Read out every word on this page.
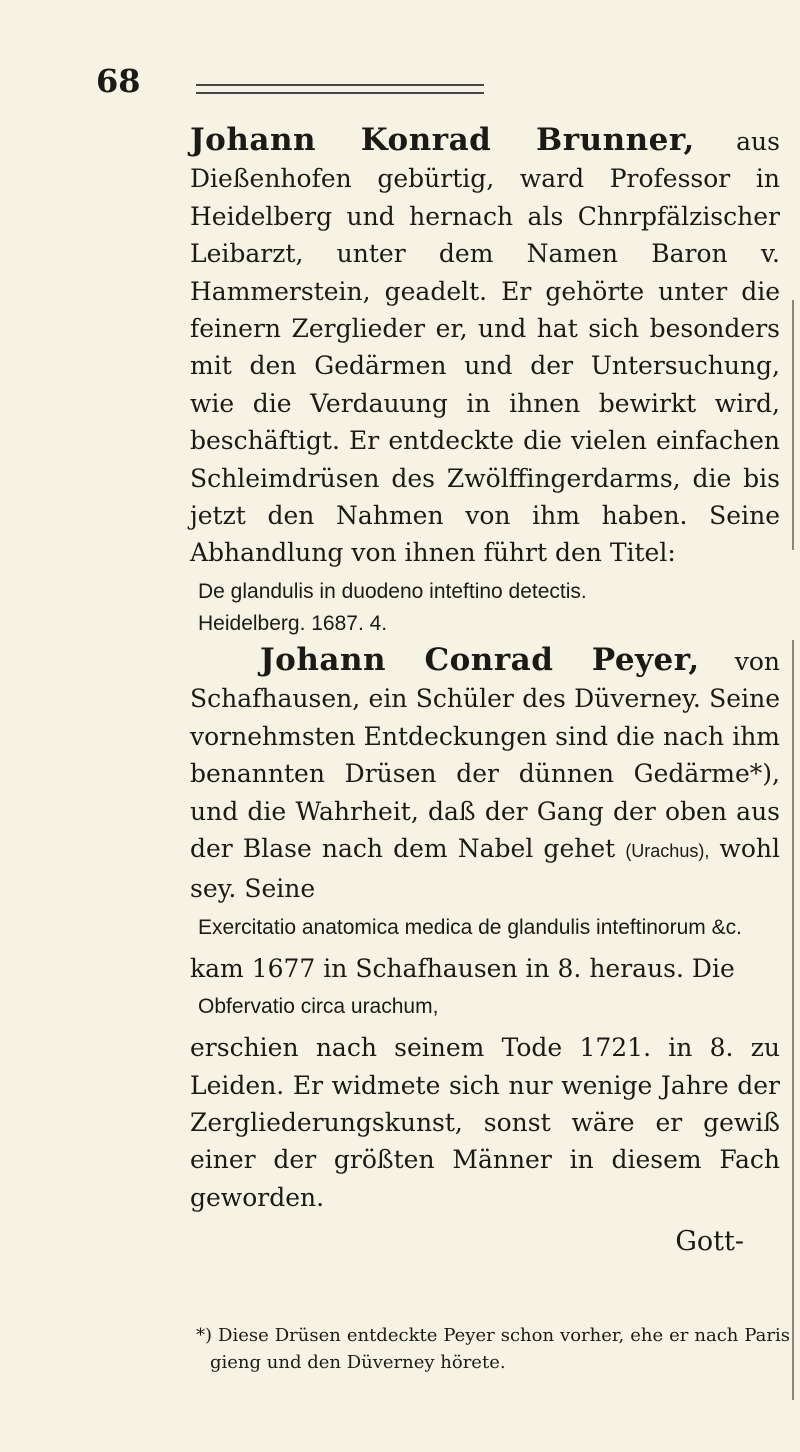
68

Johann Konrad Brunner, aus Dießenhofen gebürtig, ward Professor in Heidelberg und hernach als Chnrpfälzischer Leibarzt, unter dem Namen Baron v. Hammerstein, geadelt. Er gehörte unter die feinern Zerglieder er, und hat sich besonders mit den Gedärmen und der Untersuchung, wie die Verdauung in ihnen bewirkt wird, beschäftigt. Er entdeckte die vielen einfachen Schleimdrüsen des Zwölffingerdarms, die bis jetzt den Nahmen von ihm haben. Seine Abhandlung von ihnen führt den Titel:

De glandulis in duodeno inteftino detectis.
Heidelberg. 1687. 4.

Johann Conrad Peyer, von Schafhausen, ein Schüler des Düverney. Seine vornehmsten Entdeckungen sind die nach ihm benannten Drüsen der dünnen Gedärme*), und die Wahrheit, daß der Gang der oben aus der Blase nach dem Nabel gehet (Urachus), wohl sey. Seine

Exercitatio anatomica medica de glandulis inteftinorum &c.

kam 1677 in Schafhausen in 8. heraus. Die

Obfervatio circa urachum,

erschien nach seinem Tode 1721. in 8. zu Leiden. Er widmete sich nur wenige Jahre der Zergliederungskunst, sonst wäre er gewiß einer der größten Männer in diesem Fach geworden.

Gott-
*) Diese Drüsen entdeckte Peyer schon vorher, ehe er nach Paris gieng und den Düverney hörete.
